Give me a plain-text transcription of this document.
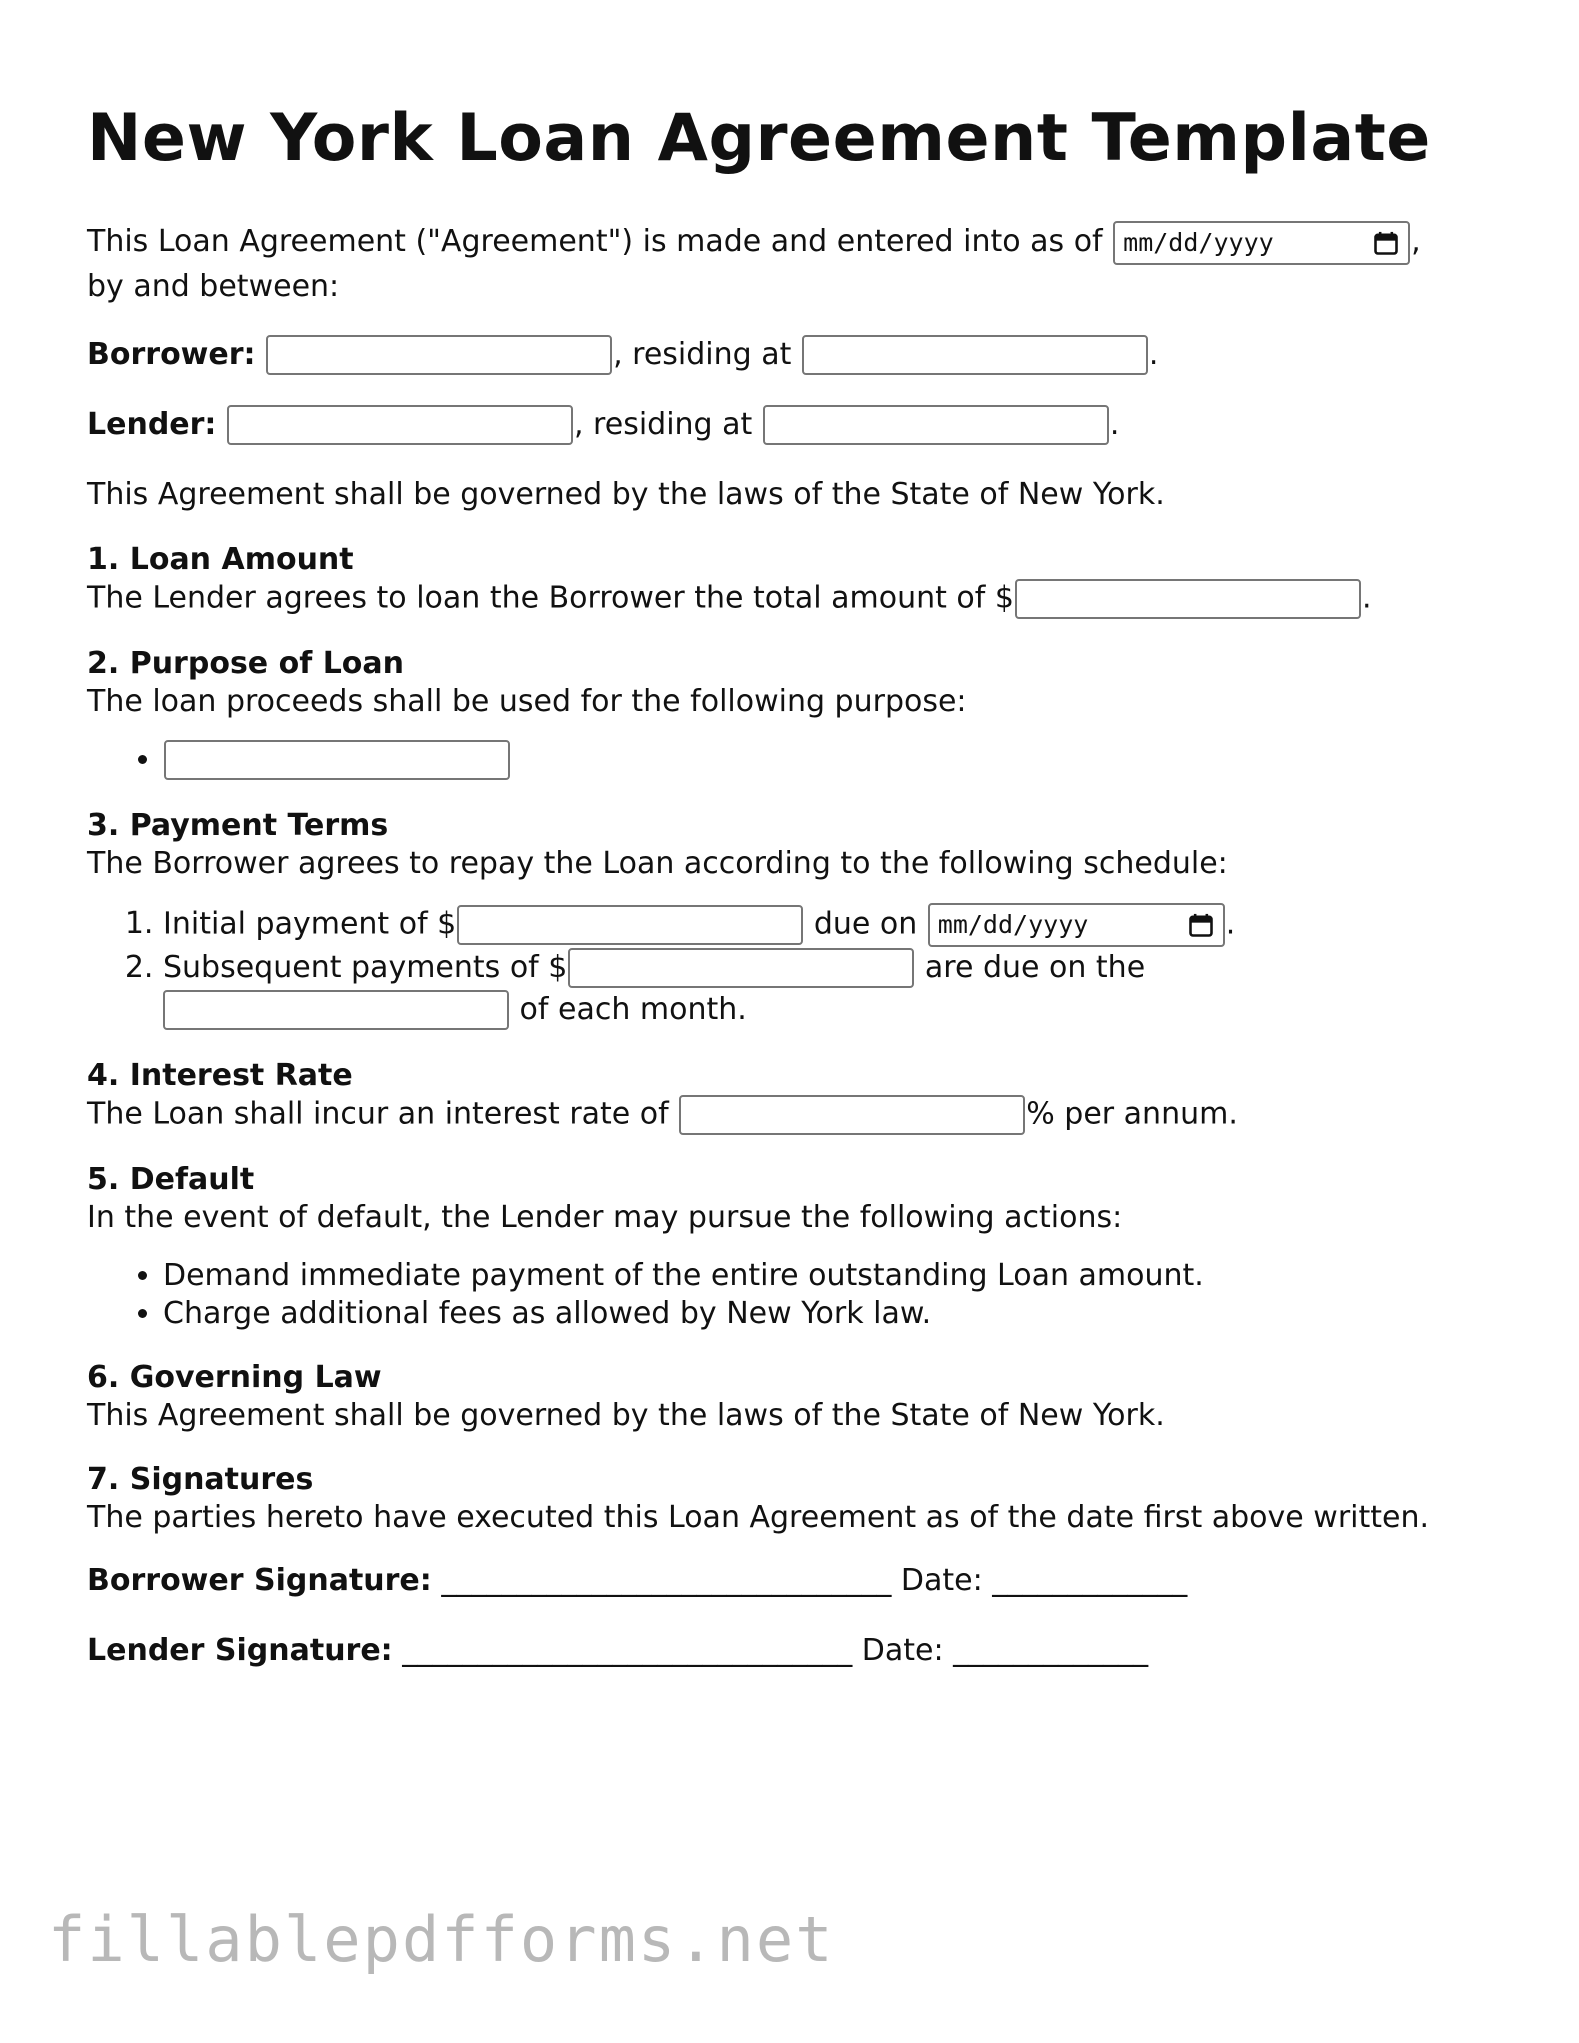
New York Loan Agreement Template

This Loan Agreement ("Agreement") is made and entered into as of mm/dd/yyyy	,
by and between:

Borrower:	, residing at	.

Lender:	, residing at	.

This Agreement shall be governed by the laws of the State of New York.

1. Loan Amount
The Lender agrees to loan the Borrower the total amount of $	.
2. Purpose of Loan
The loan proceeds shall be used for the following purpose:
•
3. Payment Terms
The Borrower agrees to repay the Loan according to the following schedule:
1. Initial payment of $	due on mm/dd/yyyy	.
2. Subsequent payments of $	are due on the
of each month.
4. Interest Rate
The Loan shall incur an interest rate of	% per annum.
5. Default
In the event of default, the Lender may pursue the following actions:
• Demand immediate payment of the entire outstanding Loan amount.
• Charge additional fees as allowed by New York law.
6. Governing Law
This Agreement shall be governed by the laws of the State of New York.
7. Signatures
The parties hereto have executed this Loan Agreement as of the date first above written.
Borrower Signature: ______________________________ Date: _____________
Lender Signature: ______________________________ Date: _____________
fillablepdfforms.net
